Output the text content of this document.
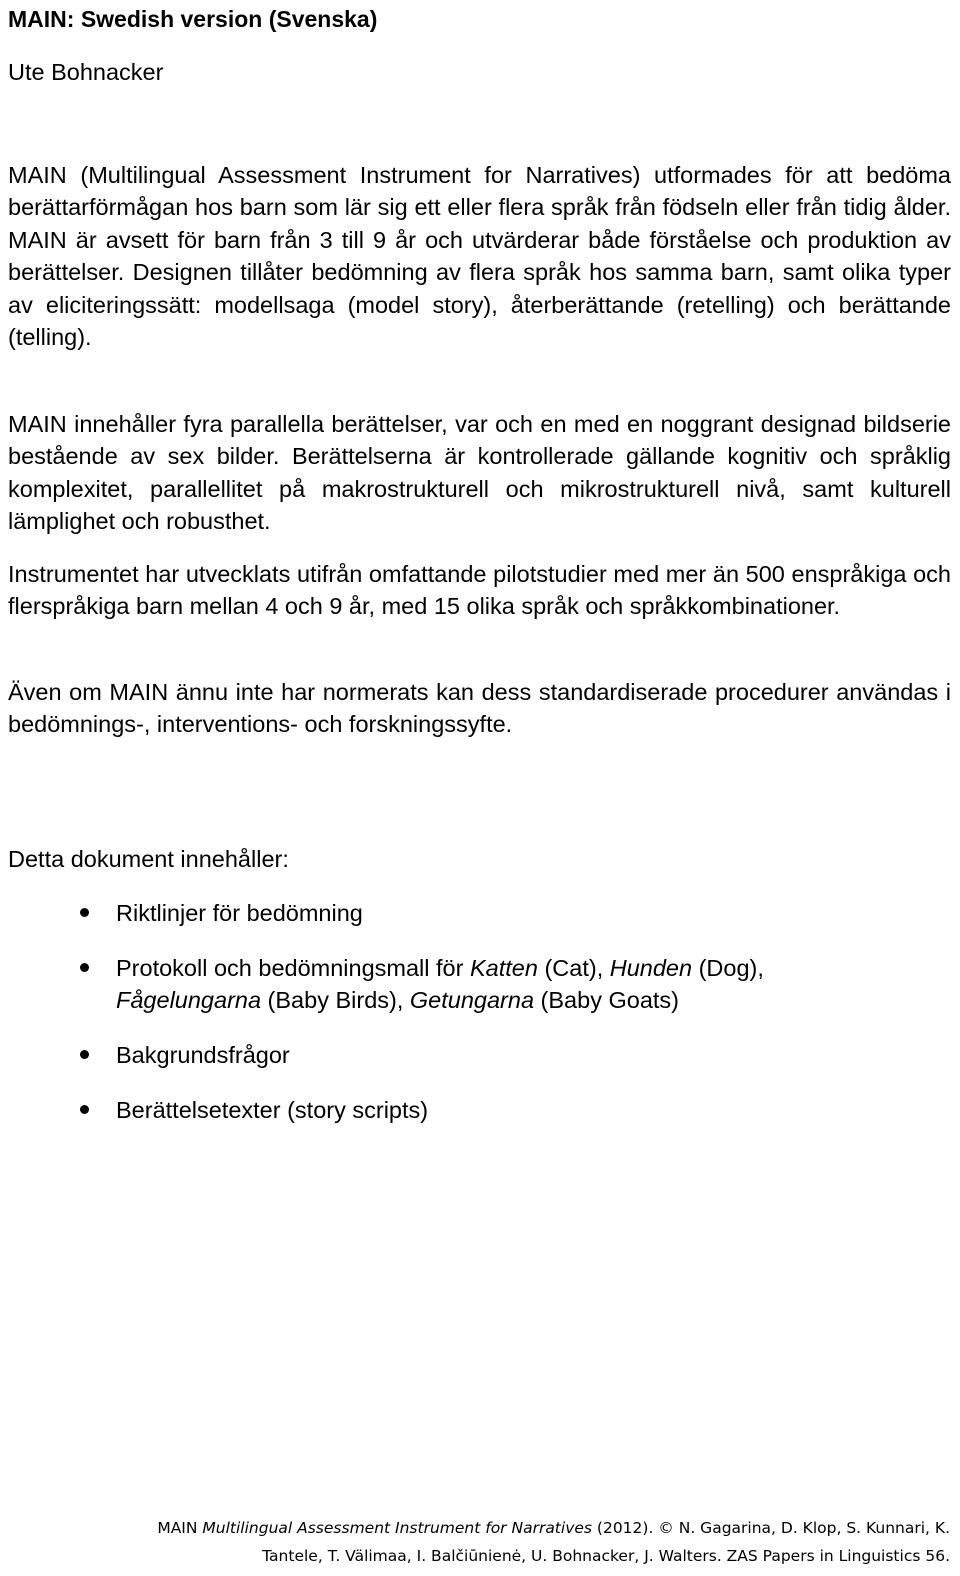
MAIN: Swedish version (Svenska)
Ute Bohnacker

MAIN (Multilingual Assessment Instrument for Narratives) utformades för att bedöma berättarförmågan hos barn som lär sig ett eller flera språk från födseln eller från tidig ålder. MAIN är avsett för barn från 3 till 9 år och utvärderar både förståelse och produktion av berättelser. Designen tillåter bedömning av flera språk hos samma barn, samt olika typer av eliciteringssätt: modellsaga (model story), återberättande (retelling) och berättande (telling).

MAIN innehåller fyra parallella berättelser, var och en med en noggrant designad bildserie bestående av sex bilder. Berättelserna är kontrollerade gällande kognitiv och språklig komplexitet, parallellitet på makrostrukturell och mikrostrukturell nivå, samt kulturell lämplighet och robusthet.

Instrumentet har utvecklats utifrån omfattande pilotstudier med mer än 500 enspråkiga och flerspråkiga barn mellan 4 och 9 år, med 15 olika språk och språkkombinationer.

Även om MAIN ännu inte har normerats kan dess standardiserade procedurer användas i bedömnings-, interventions- och forskningssyfte.

Detta dokument innehåller:
Riktlinjer för bedömning
Protokoll och bedömningsmall för Katten (Cat), Hunden (Dog),
Fågelungarna (Baby Birds), Getungarna (Baby Goats)
Bakgrundsfrågor
Berättelsetexter (story scripts)
MAIN Multilingual Assessment Instrument for Narratives (2012). © N. Gagarina, D. Klop, S. Kunnari, K.
Tantele, T. Välimaa, I. Balčiūnienė, U. Bohnacker, J. Walters. ZAS Papers in Linguistics 56.
